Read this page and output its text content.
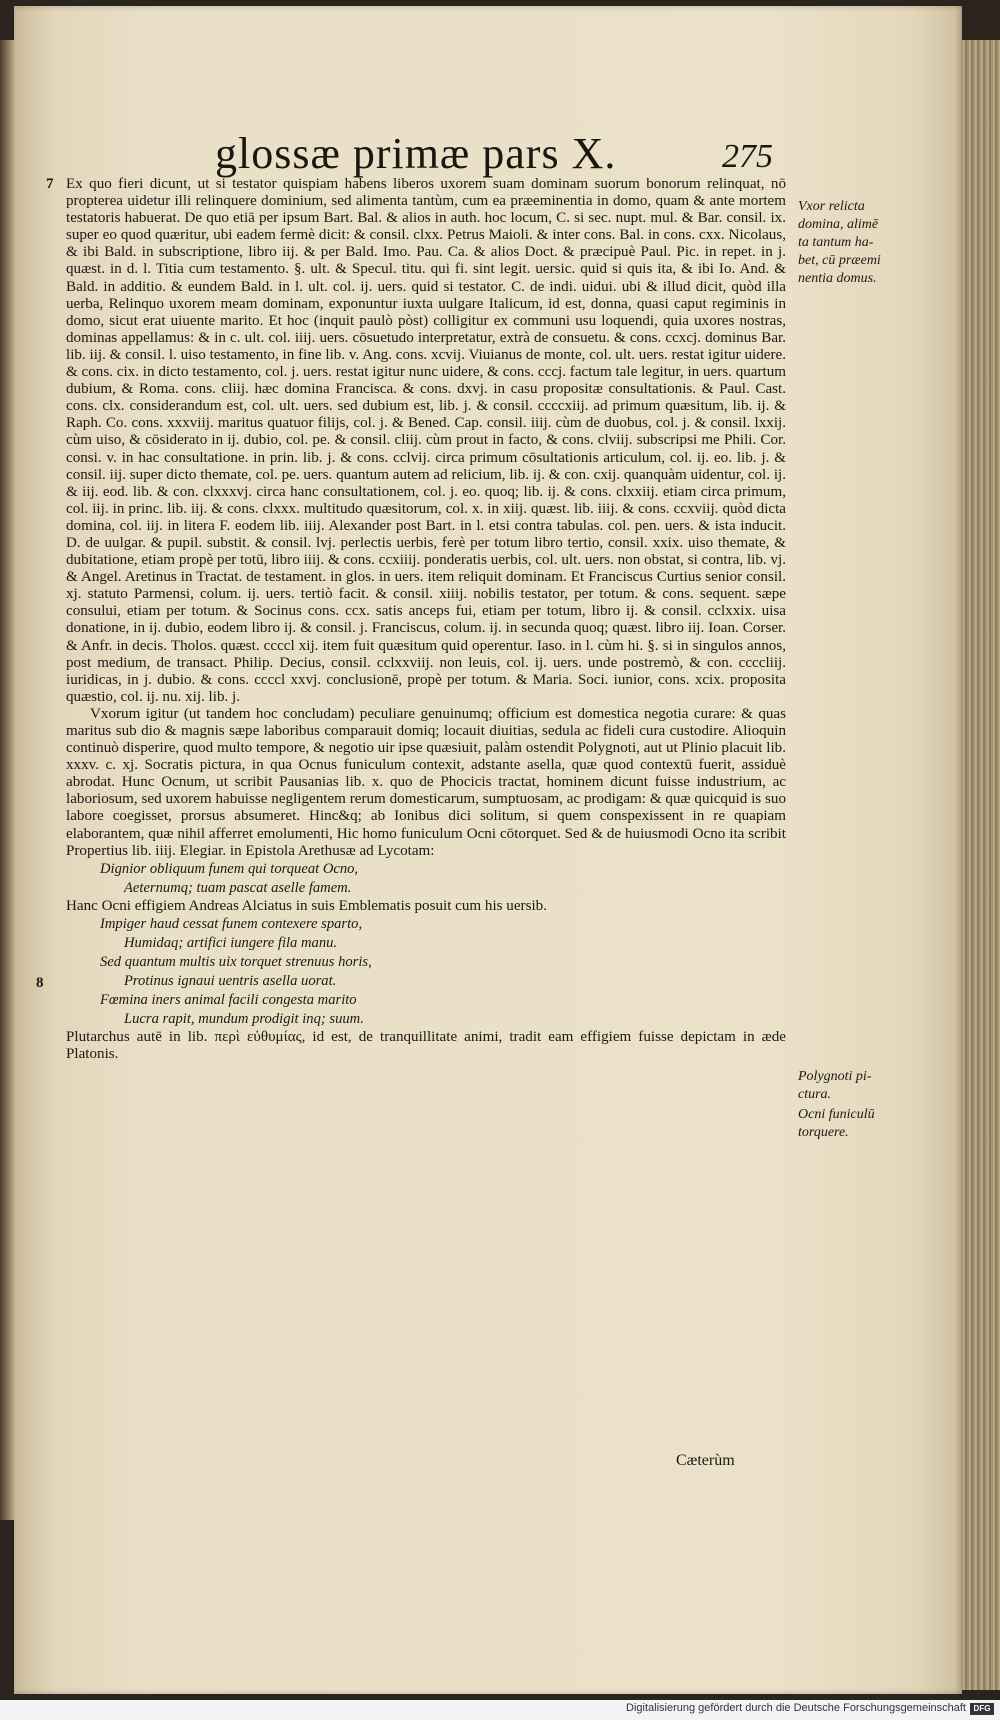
glossæ primæ pars X.	275
7
8

Ex quo fieri dicunt, ut si testator quispiam habens liberos uxorem suam dominam suorum bonorum relinquat, nō propterea uidetur illi relinquere dominium, sed alimenta tantùm, cum ea præeminentia in domo, quam & ante mortem testatoris habuerat. De quo etiā per ipsum Bart. Bal. & alios in auth. hoc locum, C. si sec. nupt. mul. & Bar. consil. ix. super eo quod quæritur, ubi eadem fermè dicit: & consil. clxx. Petrus Maioli. & inter cons. Bal. in cons. cxx. Nicolaus, & ibi Bald. in subscriptione, libro iij. & per Bald. Imo. Pau. Ca. & alios Doct. & præcipuè Paul. Pic. in repet. in j. quæst. in d. l. Titia cum testamento. §. ult. & Specul. titu. qui fi. sint legit. uersic. quid si quis ita, & ibi Io. And. & Bald. in additio. & eundem Bald. in l. ult. col. ij. uers. quid si testator. C. de indi. uidui. ubi & illud dicit, quòd illa uerba, Relinquo uxorem meam dominam, exponuntur iuxta uulgare Italicum, id est, donna, quasi caput regiminis in domo, sicut erat uiuente marito. Et hoc (inquit paulò pòst) colligitur ex communi usu loquendi, quia uxores nostras, dominas appellamus: & in c. ult. col. iiij. uers. cōsuetudo interpretatur, extrà de consuetu. & cons. ccxcj. dominus Bar. lib. iij. & consil. l. uiso testamento, in fine lib. v. Ang. cons. xcvij. Viuianus de monte, col. ult. uers. restat igitur uidere. & cons. cix. in dicto testamento, col. j. uers. restat igitur nunc uidere, & cons. cccj. factum tale legitur, in uers. quartum dubium, & Roma. cons. cliij. hæc domina Francisca. & cons. dxvj. in casu propositæ consultationis. & Paul. Cast. cons. clx. considerandum est, col. ult. uers. sed dubium est, lib. j. & consil. ccccxiij. ad primum quæsitum, lib. ij. & Raph. Co. cons. xxxviij. maritus quatuor filijs, col. j. & Bened. Cap. consil. iiij. cùm de duobus, col. j. & consil. lxxij. cùm uiso, & cōsiderato in ij. dubio, col. pe. & consil. cliij. cùm prout in facto, & cons. clviij. subscripsi me Phili. Cor. consi. v. in hac consultatione. in prin. lib. j. & cons. cclvij. circa primum cōsultationis articulum, col. ij. eo. lib. j. & consil. iij. super dicto themate, col. pe. uers. quantum autem ad relicium, lib. ij. & con. cxij. quanquàm uidentur, col. ij. & iij. eod. lib. & con. clxxxvj. circa hanc consultationem, col. j. eo. quoq; lib. ij. & cons. clxxiij. etiam circa primum, col. iij. in princ. lib. iij. & cons. clxxx. multitudo quæsitorum, col. x. in xiij. quæst. lib. iiij. & cons. ccxviij. quòd dicta domina, col. iij. in litera F. eodem lib. iiij. Alexander post Bart. in l. etsi contra tabulas. col. pen. uers. & ista inducit. D. de uulgar. & pupil. substit. & consil. lvj. perlectis uerbis, ferè per totum libro tertio, consil. xxix. uiso themate, & dubitatione, etiam propè per totū, libro iiij. & cons. ccxiiij. ponderatis uerbis, col. ult. uers. non obstat, si contra, lib. vj. & Angel. Aretinus in Tractat. de testament. in glos. in uers. item reliquit dominam. Et Franciscus Curtius senior consil. xj. statuto Parmensi, colum. ij. uers. tertiò facit. & consil. xiiij. nobilis testator, per totum. & cons. sequent. sæpe consului, etiam per totum. & Socinus cons. ccx. satis anceps fui, etiam per totum, libro ij. & consil. cclxxix. uisa donatione, in ij. dubio, eodem libro ij. & consil. j. Franciscus, colum. ij. in secunda quoq; quæst. libro iij. Ioan. Corser. & Anfr. in decis. Tholos. quæst. ccccl xij. item fuit quæsitum quid operentur. Iaso. in l. cùm hi. §. si in singulos annos, post medium, de transact. Philip. Decius, consil. cclxxviij. non leuis, col. ij. uers. unde postremò, & con. ccccliij. iuridicas, in j. dubio. & cons. ccccl xxvj. conclusionē, propè per totum. & Maria. Soci. iunior, cons. xcix. proposita quæstio, col. ij. nu. xij. lib. j.

Vxorum igitur (ut tandem hoc concludam) peculiare genuinumq; officium est domestica negotia curare: & quas maritus sub dio & magnis sæpe laboribus comparauit domiq; locauit diuitias, sedula ac fideli cura custodire. Alioquin continuò disperire, quod multo tempore, & negotio uir ipse quæsiuit, palàm ostendit Polygnoti, aut ut Plinio placuit lib. xxxv. c. xj. Socratis pictura, in qua Ocnus funiculum contexit, adstante asella, quæ quod contextū fuerit, assiduè abrodat. Hunc Ocnum, ut scribit Pausanias lib. x. quo de Phocicis tractat, hominem dicunt fuisse industrium, ac laboriosum, sed uxorem habuisse negligentem rerum domesticarum, sumptuosam, ac prodigam: & quæ quicquid is suo labore coegisset, prorsus absumeret. Hinc&q; ab Ionibus dici solitum, si quem conspexissent in re quapiam elaborantem, quæ nihil afferret emolumenti, Hic homo funiculum Ocni cōtorquet. Sed & de huiusmodi Ocno ita scribit Propertius lib. iiij. Elegiar. in Epistola Arethusæ ad Lycotam:

Dignior obliquum funem qui torqueat Ocno,
Aeternumq; tuam pascat aselle famem.

Hanc Ocni effigiem Andreas Alciatus in suis Emblematis posuit cum his uersib.

Impiger haud cessat funem contexere sparto,
Humidaq; artifici iungere fila manu.
Sed quantum multis uix torquet strenuus horis,
Protinus ignaui uentris asella uorat.
Fœmina iners animal facili congesta marito
Lucra rapit, mundum prodigit inq; suum.

Plutarchus autē in lib. περὶ εὐθυμίας, id est, de tranquillitate animi, tradit eam effigiem fuisse depictam in æde Platonis.

Cæterùm
Vxor relicta
domina, alimē
ta tantum ha-
bet, cū præemi
nentia domus.
Polygnoti pi-
ctura.
Ocni funiculū
torquere.
Digitalisierung gefördert durch die Deutsche Forschungsgemeinschaft DFG
